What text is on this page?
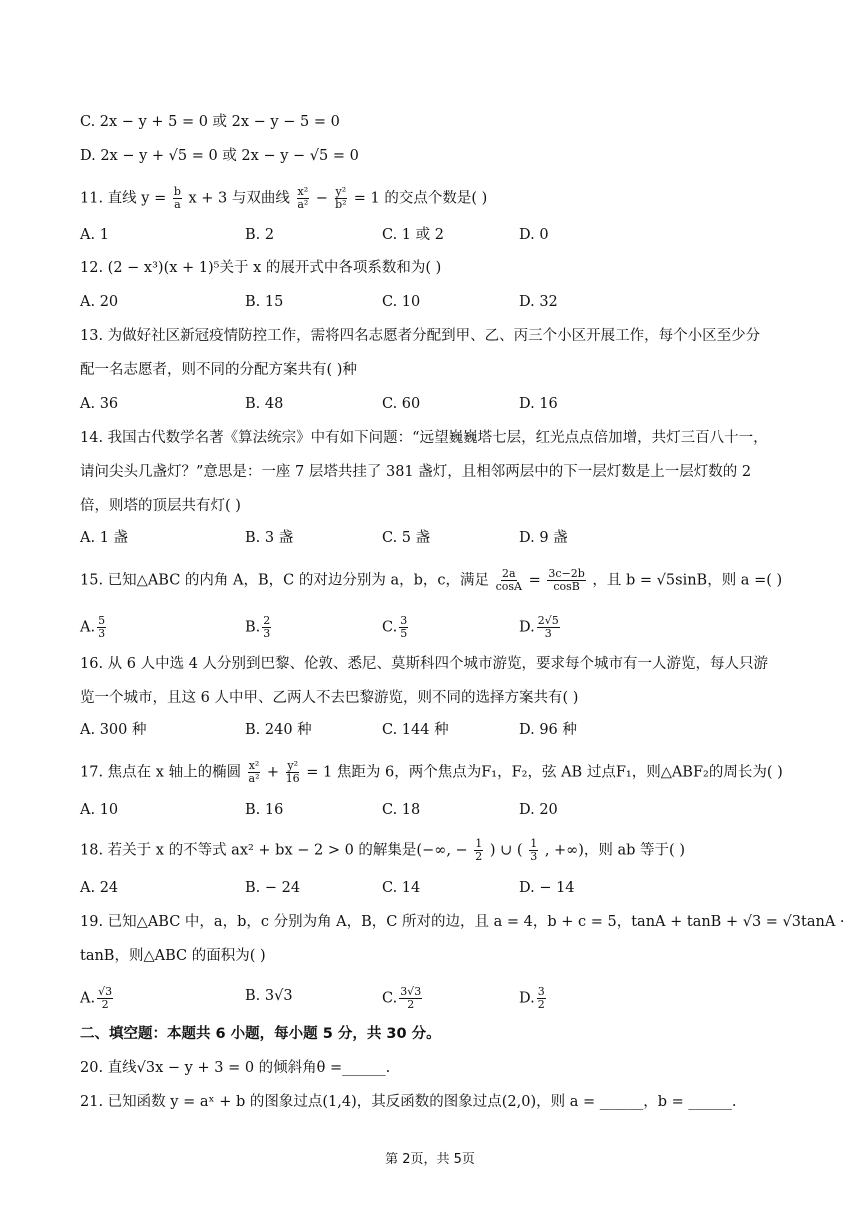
C. 2x − y + 5 = 0 或 2x − y − 5 = 0
D. 2x − y + √5 = 0 或 2x − y − √5 = 0
11. 直线 $y = \frac{b}{a}$ x + 3 与双曲线 $\frac{\text{x²}}{\text{a²}} - \frac{\text{y²}}{\text{b²}} = 1$ 的交点个数是( )
A. 1	B. 2	C. 1 或 2	D. 0
12. (2 − x³)(x + 1)⁵关于 x 的展开式中各项系数和为( )
A. 20	B. 15	C. 10	D. 32
13. 为做好社区新冠疫情防控工作，需将四名志愿者分配到甲、乙、丙三个小区开展工作，每个小区至少分
配一名志愿者，则不同的分配方案共有( )种
A. 36	B. 48	C. 60	D. 16
14. 我国古代数学名著《算法统宗》中有如下问题：“远望巍巍塔七层，红光点点倍加增，共灯三百八十一，
请问尖头几盏灯？”意思是：一座 7 层塔共挂了 381 盏灯，且相邻两层中的下一层灯数是上一层灯数的 2
倍，则塔的顶层共有灯( )
A. 1 盏	B. 3 盏	C. 5 盏	D. 9 盏
15. 已知△ABC 的内角 A，B，C 的对边分别为 a，b，c，满足 $\frac{2a}{\cos A} = \frac{3c-2b}{\cos B}$ ，且 b = √5sinB，则 a =( )
A. $\frac{5}{3}$	B. $\frac{2}{3}$	C. $\frac{3}{5}$	D. $\frac{2√5}{3}$
16. 从 6 人中选 4 人分别到巴黎、伦敦、悉尼、莫斯科四个城市游览，要求每个城市有一人游览，每人只游
览一个城市，且这 6 人中甲、乙两人不去巴黎游览，则不同的选择方案共有( )
A. 300 种	B. 240 种	C. 144 种	D. 96 种
17. 焦点在 x 轴上的椭圆 $\frac{\text{x²}}{\text{a²}} + \frac{\text{y²}}{16} = 1$ 焦距为 6，两个焦点为F₁，F₂，弦 AB 过点F₁，则△ABF₂的周长为( )
A. 10	B. 16	C. 18	D. 20
18. 若关于 x 的不等式 ax² + bx − 2 > 0 的解集是(−∞, − $\frac{1}{2}$ ) ∪ ( $\frac{1}{3}$ , +∞)，则 ab 等于( )
A. 24	B. − 24	C. 14	D. − 14
19. 已知△ABC 中，a，b，c 分别为角 A，B，C 所对的边，且 a = 4，b + c = 5，tanA + tanB + √3 = √3tanA ·
tanB，则△ABC 的面积为( )
A. $\frac{√3}{2}$	B. 3√3	C. $\frac{3√3}{2}$	D. $\frac{3}{2}$
二、填空题：本题共 6 小题，每小题 5 分，共 30 分。
20. 直线√3x − y + 3 = 0 的倾斜角θ =______.
21. 已知函数 y = aˣ + b 的图象过点(1,4)，其反函数的图象过点(2,0)，则 a = ______，b = ______.
第 2页，共 5页
